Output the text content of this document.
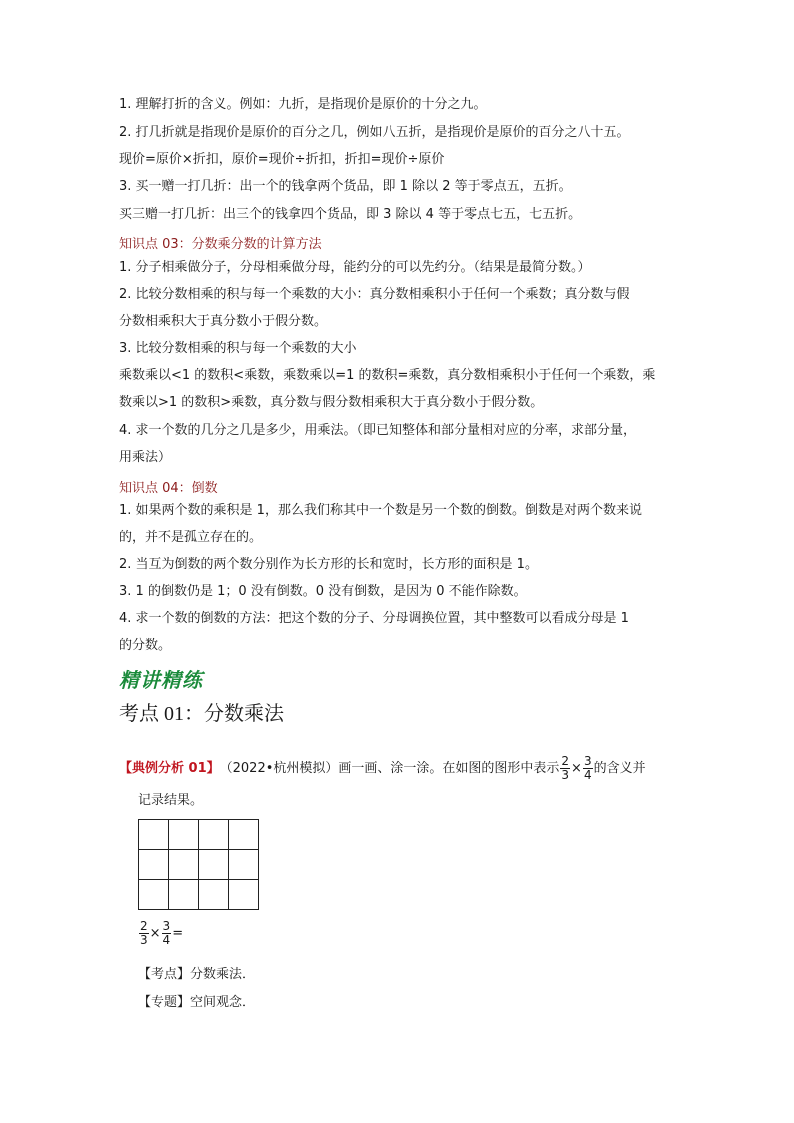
1. 理解打折的含义。例如：九折，是指现价是原价的十分之九。
2. 打几折就是指现价是原价的百分之几，例如八五折，是指现价是原价的百分之八十五。
现价=原价×折扣，原价=现价÷折扣，折扣=现价÷原价
3. 买一赠一打几折：出一个的钱拿两个货品，即 1 除以 2 等于零点五，五折。
买三赠一打几折：出三个的钱拿四个货品，即 3 除以 4 等于零点七五，七五折。
知识点 03：分数乘分数的计算方法
1. 分子相乘做分子，分母相乘做分母，能约分的可以先约分。（结果是最简分数。）
2. 比较分数相乘的积与每一个乘数的大小：真分数相乘积小于任何一个乘数；真分数与假
分数相乘积大于真分数小于假分数。
3. 比较分数相乘的积与每一个乘数的大小
乘数乘以<1 的数积<乘数，乘数乘以=1 的数积=乘数，真分数相乘积小于任何一个乘数，乘
数乘以>1 的数积>乘数，真分数与假分数相乘积大于真分数小于假分数。
4. 求一个数的几分之几是多少，用乘法。（即已知整体和部分量相对应的分率，求部分量，
用乘法）
知识点 04：倒数
1. 如果两个数的乘积是 1，那么我们称其中一个数是另一个数的倒数。倒数是对两个数来说
的，并不是孤立存在的。
2. 当互为倒数的两个数分别作为长方形的长和宽时，长方形的面积是 1。
3. 1 的倒数仍是 1；0 没有倒数。0 没有倒数，是因为 0 不能作除数。
4. 求一个数的倒数的方法：把这个数的分子、分母调换位置，其中整数可以看成分母是 1
的分数。
精讲精练
考点 01：分数乘法
【典例分析 01】 （2022•杭州模拟）画一画、涂一涂。在如图的图形中表示 $\frac{2}{3} \times \frac{3}{4}$ 的含义并
记录结果。
$\frac{2}{3} \times \frac{3}{4}$ =
【考点】分数乘法．
【专题】空间观念．
